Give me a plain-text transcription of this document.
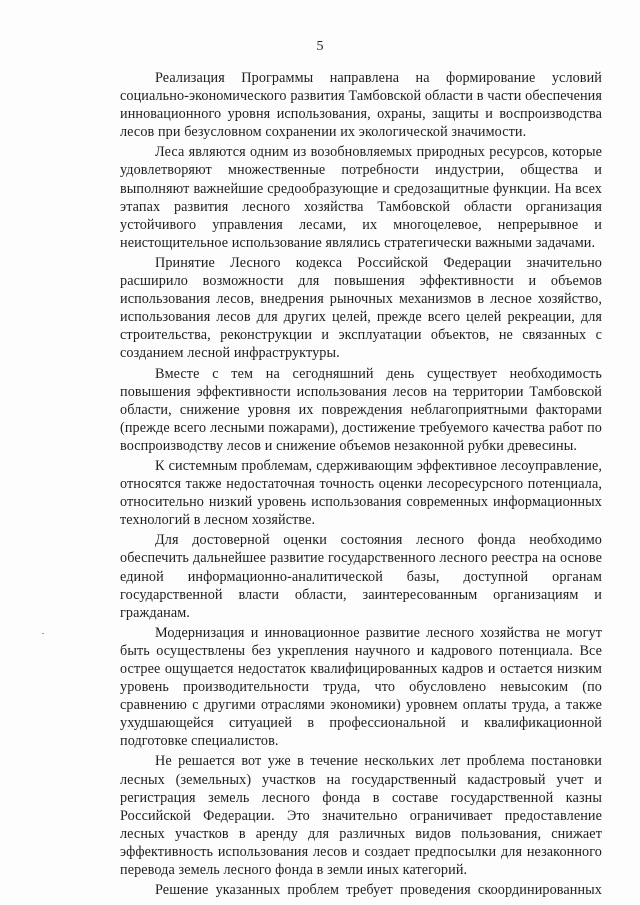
5

Реализация Программы направлена на формирование условий социально-экономического развития Тамбовской области в части обеспечения инновационного уровня использования, охраны, защиты и воспроизводства лесов при безусловном сохранении их экологической значимости.

Леса являются одним из возобновляемых природных ресурсов, которые удовлетворяют множественные потребности индустрии, общества и выполняют важнейшие средообразующие и средозащитные функции. На всех этапах развития лесного хозяйства Тамбовской области организация устойчивого управления лесами, их многоцелевое, непрерывное и неистощительное использование являлись стратегически важными задачами.

Принятие Лесного кодекса Российской Федерации значительно расширило возможности для повышения эффективности и объемов использования лесов, внедрения рыночных механизмов в лесное хозяйство, использования лесов для других целей, прежде всего целей рекреации, для строительства, реконструкции и эксплуатации объектов, не связанных с созданием лесной инфраструктуры.

Вместе с тем на сегодняшний день существует необходимость повышения эффективности использования лесов на территории Тамбовской области, снижение уровня их повреждения неблагоприятными факторами (прежде всего лесными пожарами), достижение требуемого качества работ по воспроизводству лесов и снижение объемов незаконной рубки древесины.

К системным проблемам, сдерживающим эффективное лесоуправление, относятся также недостаточная точность оценки лесоресурсного потенциала, относительно низкий уровень использования современных информационных технологий в лесном хозяйстве.

Для достоверной оценки состояния лесного фонда необходимо обеспечить дальнейшее развитие государственного лесного реестра на основе единой информационно-аналитической базы, доступной органам государственной власти области, заинтересованным организациям и гражданам.

Модернизация и инновационное развитие лесного хозяйства не могут быть осуществлены без укрепления научного и кадрового потенциала. Все острее ощущается недостаток квалифицированных кадров и остается низким уровень производительности труда, что обусловлено невысоким (по сравнению с другими отраслями экономики) уровнем оплаты труда, а также ухудшающейся ситуацией в профессиональной и квалификационной подготовке специалистов.

Не решается вот уже в течение нескольких лет проблема постановки лесных (земельных) участков на государственный кадастровый учет и регистрация земель лесного фонда в составе государственной казны Российской Федерации. Это значительно ограничивает предоставление лесных участков в аренду для различных видов пользования, снижает эффективность использования лесов и создает предпосылки для незаконного перевода земель лесного фонда в земли иных категорий.

Решение указанных проблем требует проведения скоординированных
